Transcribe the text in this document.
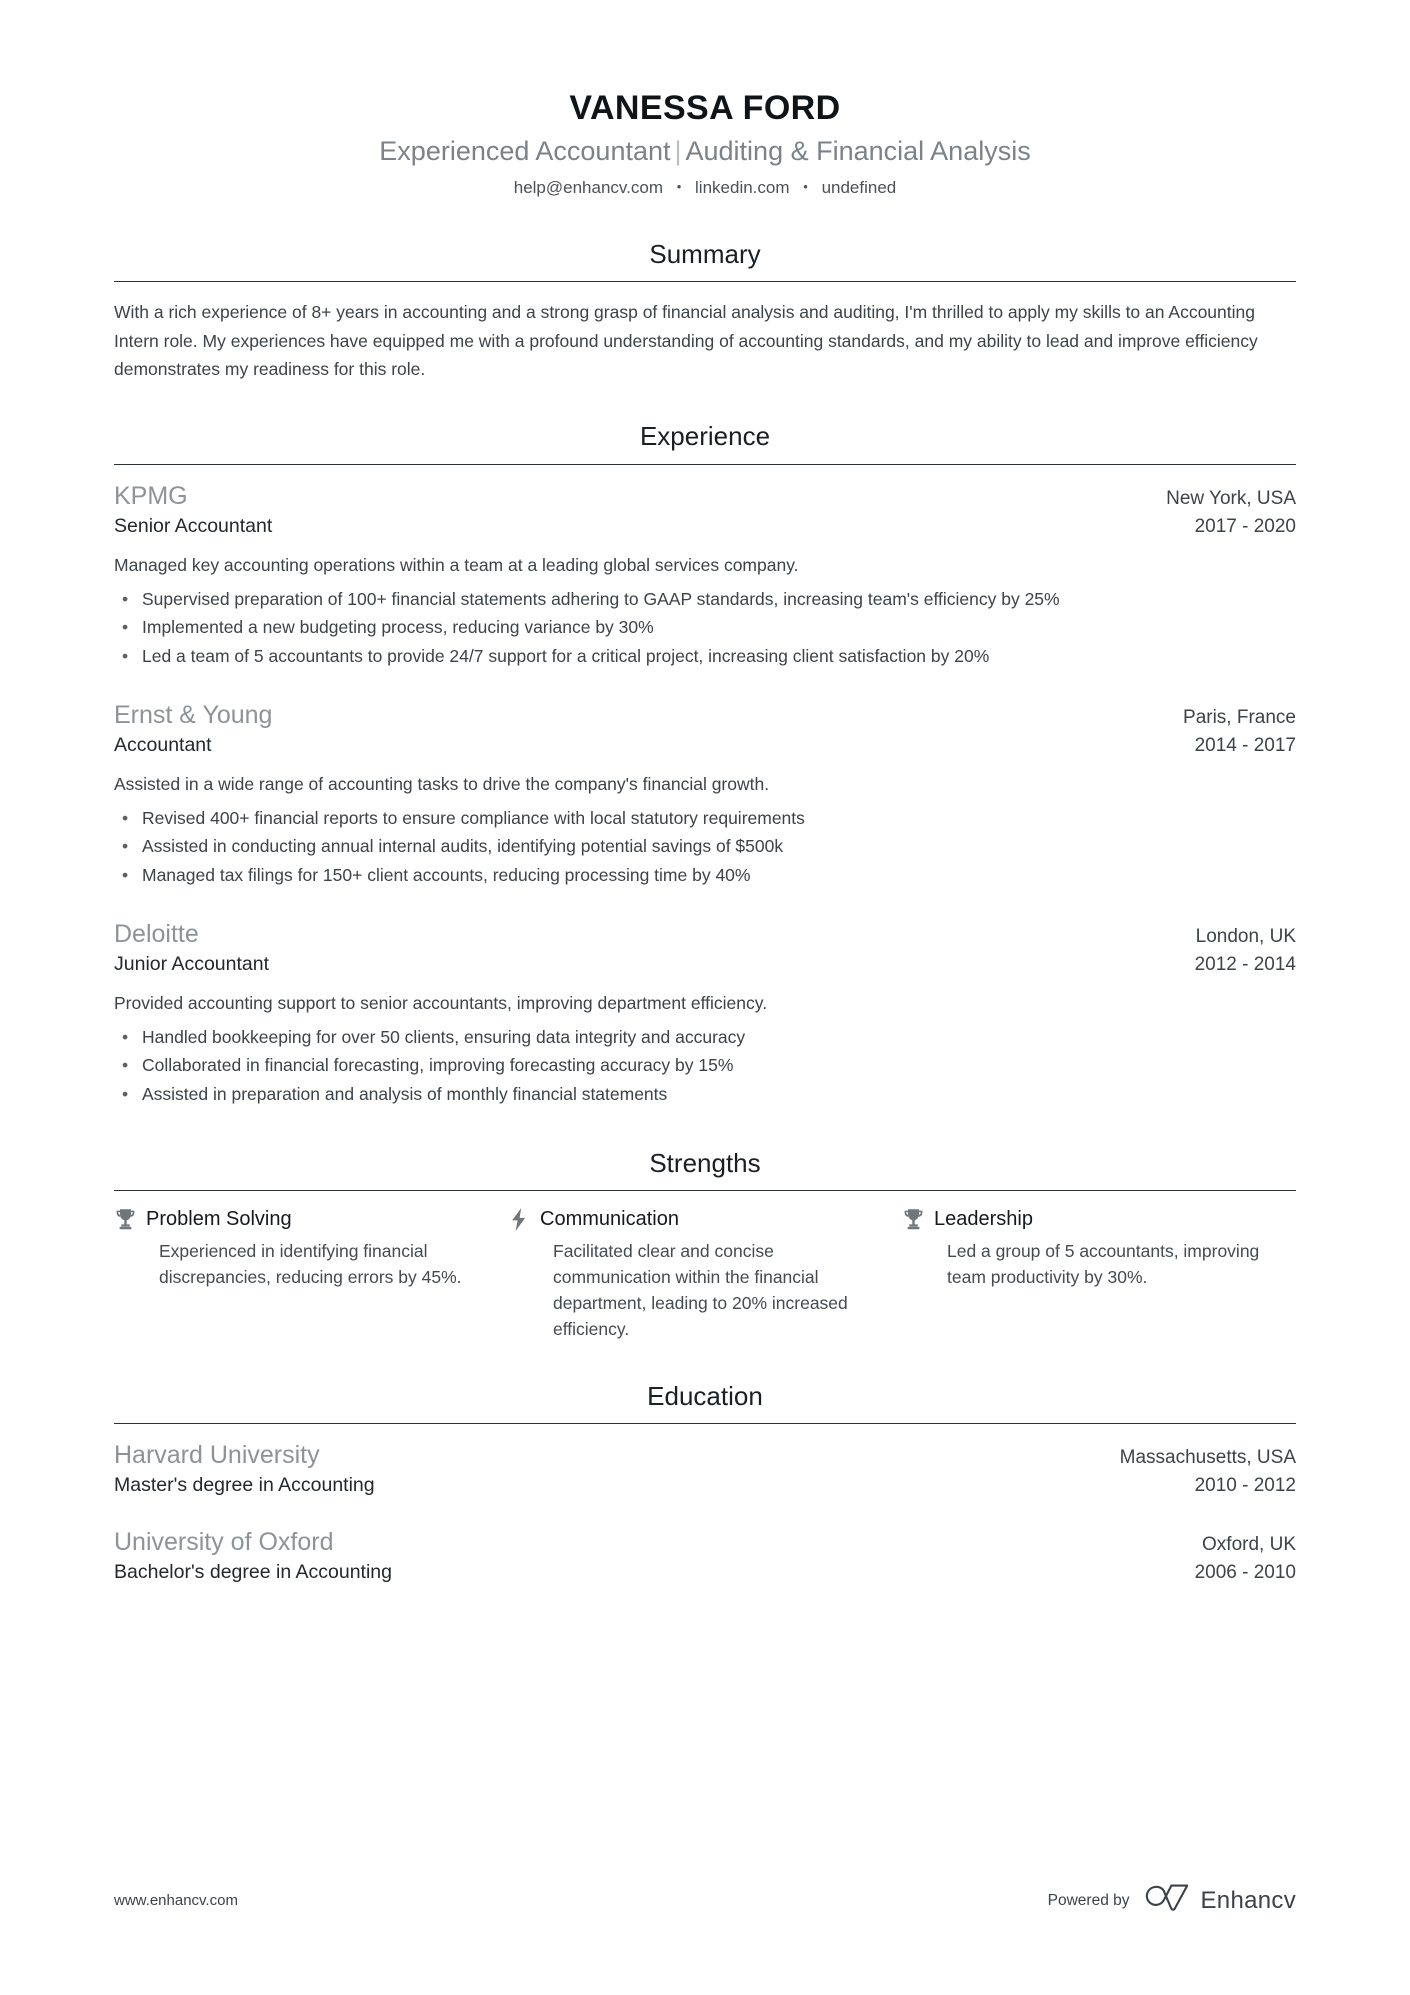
VANESSA FORD
Experienced Accountant | Auditing & Financial Analysis
help@enhancv.com • linkedin.com • undefined
Summary

With a rich experience of 8+ years in accounting and a strong grasp of financial analysis and auditing, I'm thrilled to apply my skills to an Accounting Intern role. My experiences have equipped me with a profound understanding of accounting standards, and my ability to lead and improve efficiency demonstrates my readiness for this role.

Experience
KPMG	New York, USA
Senior Accountant	2017 - 2020
Managed key accounting operations within a team at a leading global services company.
• Supervised preparation of 100+ financial statements adhering to GAAP standards, increasing team's efficiency by 25%
• Implemented a new budgeting process, reducing variance by 30%
• Led a team of 5 accountants to provide 24/7 support for a critical project, increasing client satisfaction by 20%
Ernst & Young	Paris, France
Accountant	2014 - 2017
Assisted in a wide range of accounting tasks to drive the company's financial growth.
• Revised 400+ financial reports to ensure compliance with local statutory requirements
• Assisted in conducting annual internal audits, identifying potential savings of $500k
• Managed tax filings for 150+ client accounts, reducing processing time by 40%
Deloitte	London, UK
Junior Accountant	2012 - 2014
Provided accounting support to senior accountants, improving department efficiency.
• Handled bookkeeping for over 50 clients, ensuring data integrity and accuracy
• Collaborated in financial forecasting, improving forecasting accuracy by 15%
• Assisted in preparation and analysis of monthly financial statements
Strengths
Problem Solving
Experienced in identifying financial discrepancies, reducing errors by 45%.
Communication
Facilitated clear and concise communication within the financial department, leading to 20% increased efficiency.
Leadership
Led a group of 5 accountants, improving team productivity by 30%.
Education
Harvard University	Massachusetts, USA
Master's degree in Accounting	2010 - 2012
University of Oxford	Oxford, UK
Bachelor's degree in Accounting	2006 - 2010
www.enhancv.com	Powered by	Enhancv
